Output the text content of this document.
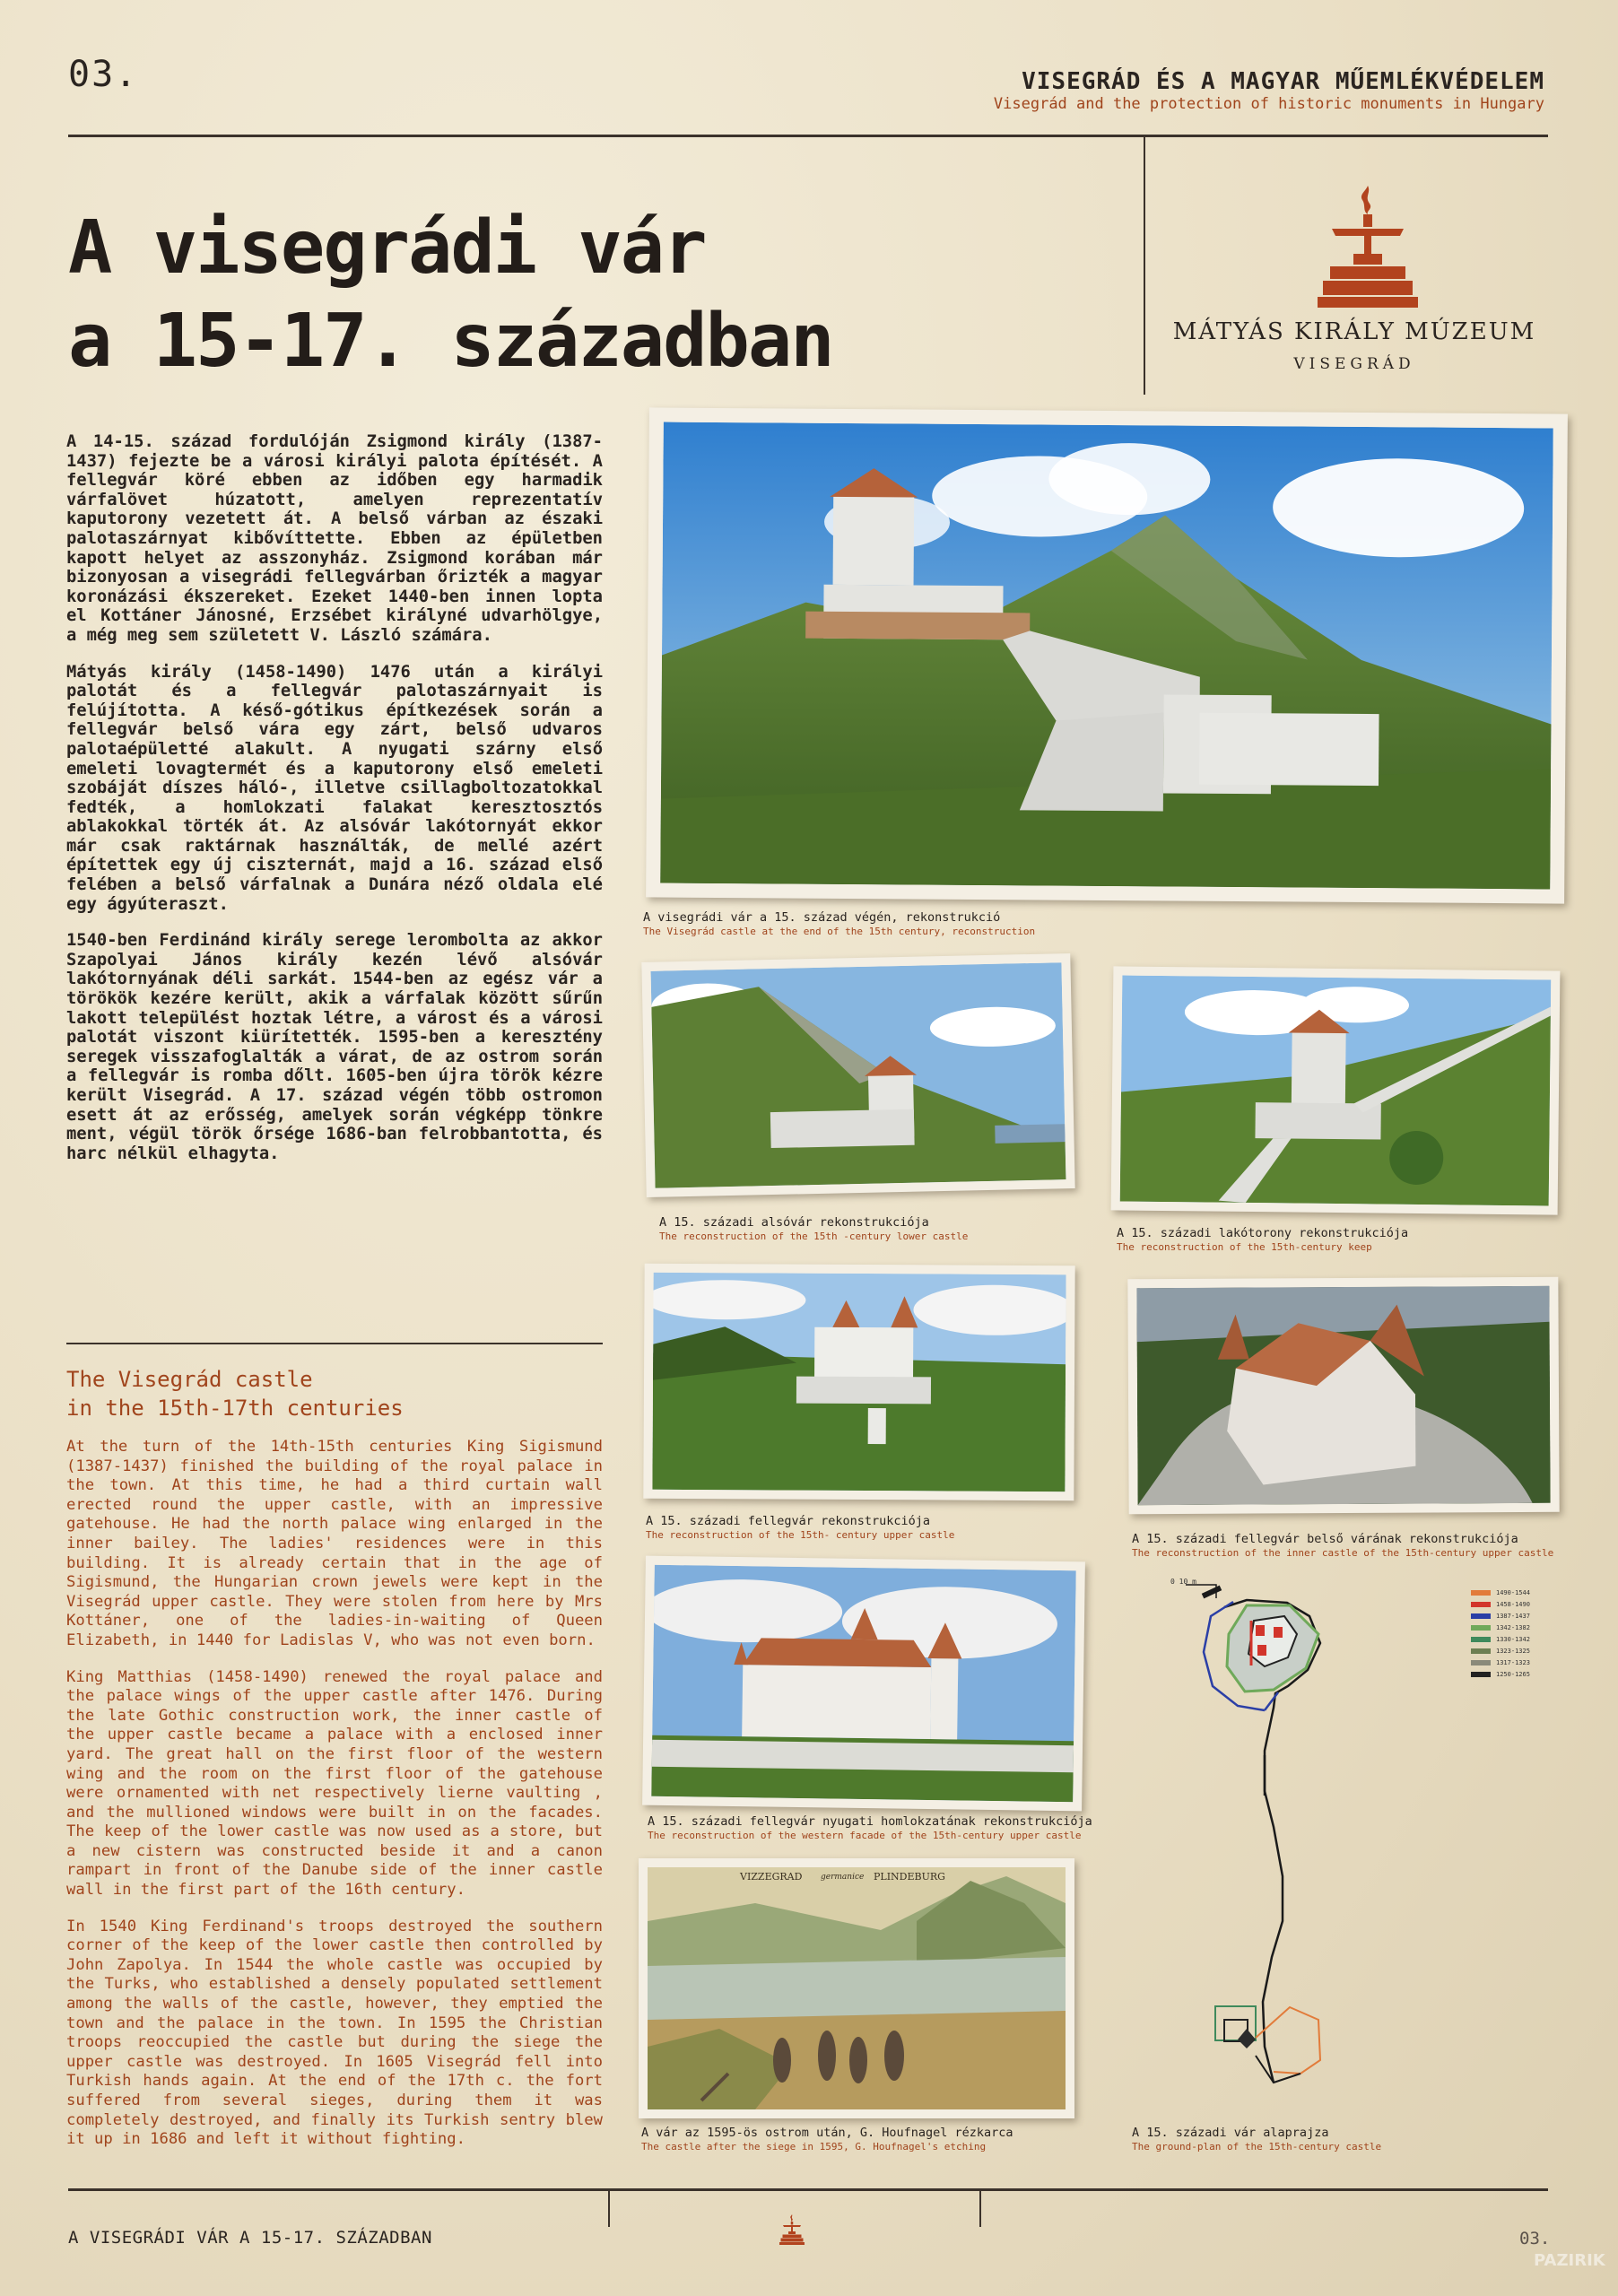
03.	VISEGRÁD ÉS A MAGYAR MŰEMLÉKVÉDELEM
Visegrád and the protection of historic monuments in Hungary
A visegrádi vár
a 15-17. században	MÁTYÁS KIRÁLY MÚZEUM
VISEGRÁD

A 14-15. század fordulóján Zsigmond király (1387-1437) fejezte be a városi királyi palota építését. A fellegvár köré ebben az időben egy harmadik várfalövet húzatott, amelyen reprezentatív kaputorony vezetett át. A belső várban az északi palotaszárnyat kibővíttette. Ebben az épületben kapott helyet az asszonyház. Zsigmond korában már bizonyosan a visegrádi fellegvárban őrizték a magyar koronázási ékszereket. Ezeket 1440-ben innen lopta el Kottáner Jánosné, Erzsébet királyné udvarhölgye, a még meg sem született V. László számára.

Mátyás király (1458-1490) 1476 után a királyi palotát és a fellegvár palotaszárnyait is felújította. A késő-gótikus építkezések során a fellegvár belső vára egy zárt, belső udvaros palotaépületté alakult. A nyugati szárny első emeleti lovagtermét és a kaputorony első emeleti szobáját díszes háló-, illetve csillagboltozatokkal fedték, a homlokzati falakat keresztosztós ablakokkal törték át. Az alsóvár lakótornyát ekkor már csak raktárnak használták, de mellé azért építettek egy új ciszternát, majd a 16. század első felében a belső várfalnak a Dunára néző oldala elé egy ágyúteraszt.

1540-ben Ferdinánd király serege lerombolta az akkor Szapolyai János király kezén lévő alsóvár lakótornyának déli sarkát. 1544-ben az egész vár a törökök kezére került, akik a várfalak között sűrűn lakott települést hoztak létre, a várost és a városi palotát viszont kiürítették. 1595-ben a keresztény seregek visszafoglalták a várat, de az ostrom során a fellegvár is romba dőlt. 1605-ben újra török kézre került Visegrád. A 17. század végén több ostromon esett át az erősség, amelyek során végképp tönkre ment, végül török őrsége 1686-ban felrobbantotta, és harc nélkül elhagyta.

The Visegrád castle
in the 15th-17th centuries

At the turn of the 14th-15th centuries King Sigismund (1387-1437) finished the building of the royal palace in the town. At this time, he had a third curtain wall erected round the upper castle, with an impressive gatehouse. He had the north palace wing enlarged in the inner bailey. The ladies' residences were in this building. It is already certain that in the age of Sigismund, the Hungarian crown jewels were kept in the Visegrád upper castle. They were stolen from here by Mrs Kottáner, one of the ladies-in-waiting of Queen Elizabeth, in 1440 for Ladislas V, who was not even born.

King Matthias (1458-1490) renewed the royal palace and the palace wings of the upper castle after 1476. During the late Gothic construction work, the inner castle of the upper castle became a palace with a enclosed inner yard. The great hall on the first floor of the western wing and the room on the first floor of the gatehouse were ornamented with net respectively lierne vaulting , and the mullioned windows were built in on the facades. The keep of the lower castle was now used as a store, but a new cistern was constructed beside it and a canon rampart in front of the Danube side of the inner castle wall in the first part of the 16th century.

In 1540 King Ferdinand's troops destroyed the southern corner of the keep of the lower castle then controlled by John Zapolya. In 1544 the whole castle was occupied by the Turks, who established a densely populated settlement among the walls of the castle, however, they emptied the town and the palace in the town. In 1595 the Christian troops reoccupied the castle but during the siege the upper castle was destroyed. In 1605 Visegrád fell into Turkish hands again. At the end of the 17th c. the fort suffered from several sieges, during them it was completely destroyed, and finally its Turkish sentry blew it up in 1686 and left it without fighting.

A visegrádi vár a 15. század végén, rekonstrukció
The Visegrád castle at the end of the 15th century, reconstruction
A 15. századi alsóvár rekonstrukciója
The reconstruction of the 15th -century lower castle	A 15. századi lakótorony rekonstrukciója
The reconstruction of the 15th-century keep
A 15. századi fellegvár rekonstrukciója
The reconstruction of the 15th- century upper castle	A 15. századi fellegvár belső várának rekonstrukciója
The reconstruction of the inner castle of the 15th-century upper castle
A 15. századi fellegvár nyugati homlokzatának rekonstrukciója
The reconstruction of the western facade of the 15th-century upper castle
VIZZEGRAD germanice PLINDEBURG
A vár az 1595-ös ostrom után, G. Houfnagel rézkarca
The castle after the siege in 1595, G. Houfnagel's etching
0 10 m
1490-1544
1458-1490
1387-1437
1342-1382
1330-1342
1323-1325
1317-1323
1250-1265
A 15. századi vár alaprajza
The ground-plan of the 15th-century castle
A VISEGRÁDI VÁR A 15-17. SZÁZADBAN	03.
PAZIRIK
